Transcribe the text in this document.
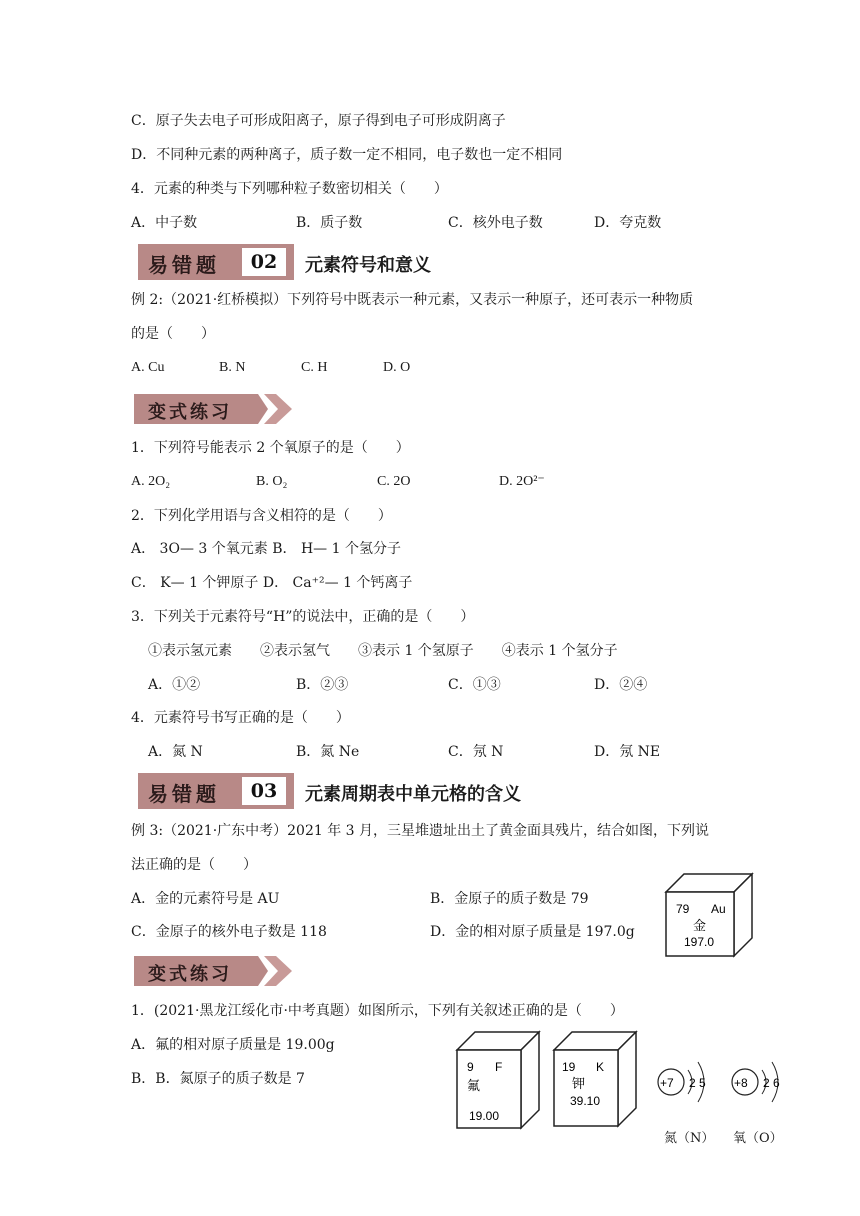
C．原子失去电子可形成阳离子，原子得到电子可形成阴离子
D．不同种元素的两种离子，质子数一定不相同，电子数也一定不相同
4．元素的种类与下列哪种粒子数密切相关（　　）
A．中子数	B．质子数	C．核外电子数	D．夸克数
易错题	02	元素符号和意义
例 2:（2021·红桥模拟）下列符号中既表示一种元素，又表示一种原子，还可表示一种物质
的是（　　）
A. Cu	B. N	C. H	D. O
变式练习
1．下列符号能表示 2 个氧原子的是（　　）
A. 2O₂	B. O₂	C. 2O	D. 2O²⁻
2．下列化学用语与含义相符的是（　　）
A． 3O— 3 个氧元素 B． H— 1 个氢分子
C． K— 1 个钾原子 D． Ca⁺²— 1 个钙离子
3．下列关于元素符号“H”的说法中，正确的是（　　）
①表示氢元素　　②表示氢气　　③表示 1 个氢原子　　④表示 1 个氢分子
A．①②	B．②③	C．①③	D．②④
4．元素符号书写正确的是（　　）
A．氮 N	B．氮 Ne	C．氖 N	D．氖 NE
易错题	03	元素周期表中单元格的含义
例 3:（2021·广东中考）2021 年 3 月，三星堆遗址出土了黄金面具残片，结合如图，下列说
法正确的是（　　）
A．金的元素符号是 AU	B．金原子的质子数是 79
C．金原子的核外电子数是 118	D．金的相对原子质量是 197.0g
79 Au
金
197.0
变式练习
1．(2021·黑龙江绥化市·中考真题）如图所示，下列有关叙述正确的是（　　）
A．氟的相对原子质量是 19.00g
B．B．氮原子的质子数是 7
9 F
氟
19.00
19 K
钾
39.10
+7 2 5
氮（N）
+8 2 6
氧（O）
